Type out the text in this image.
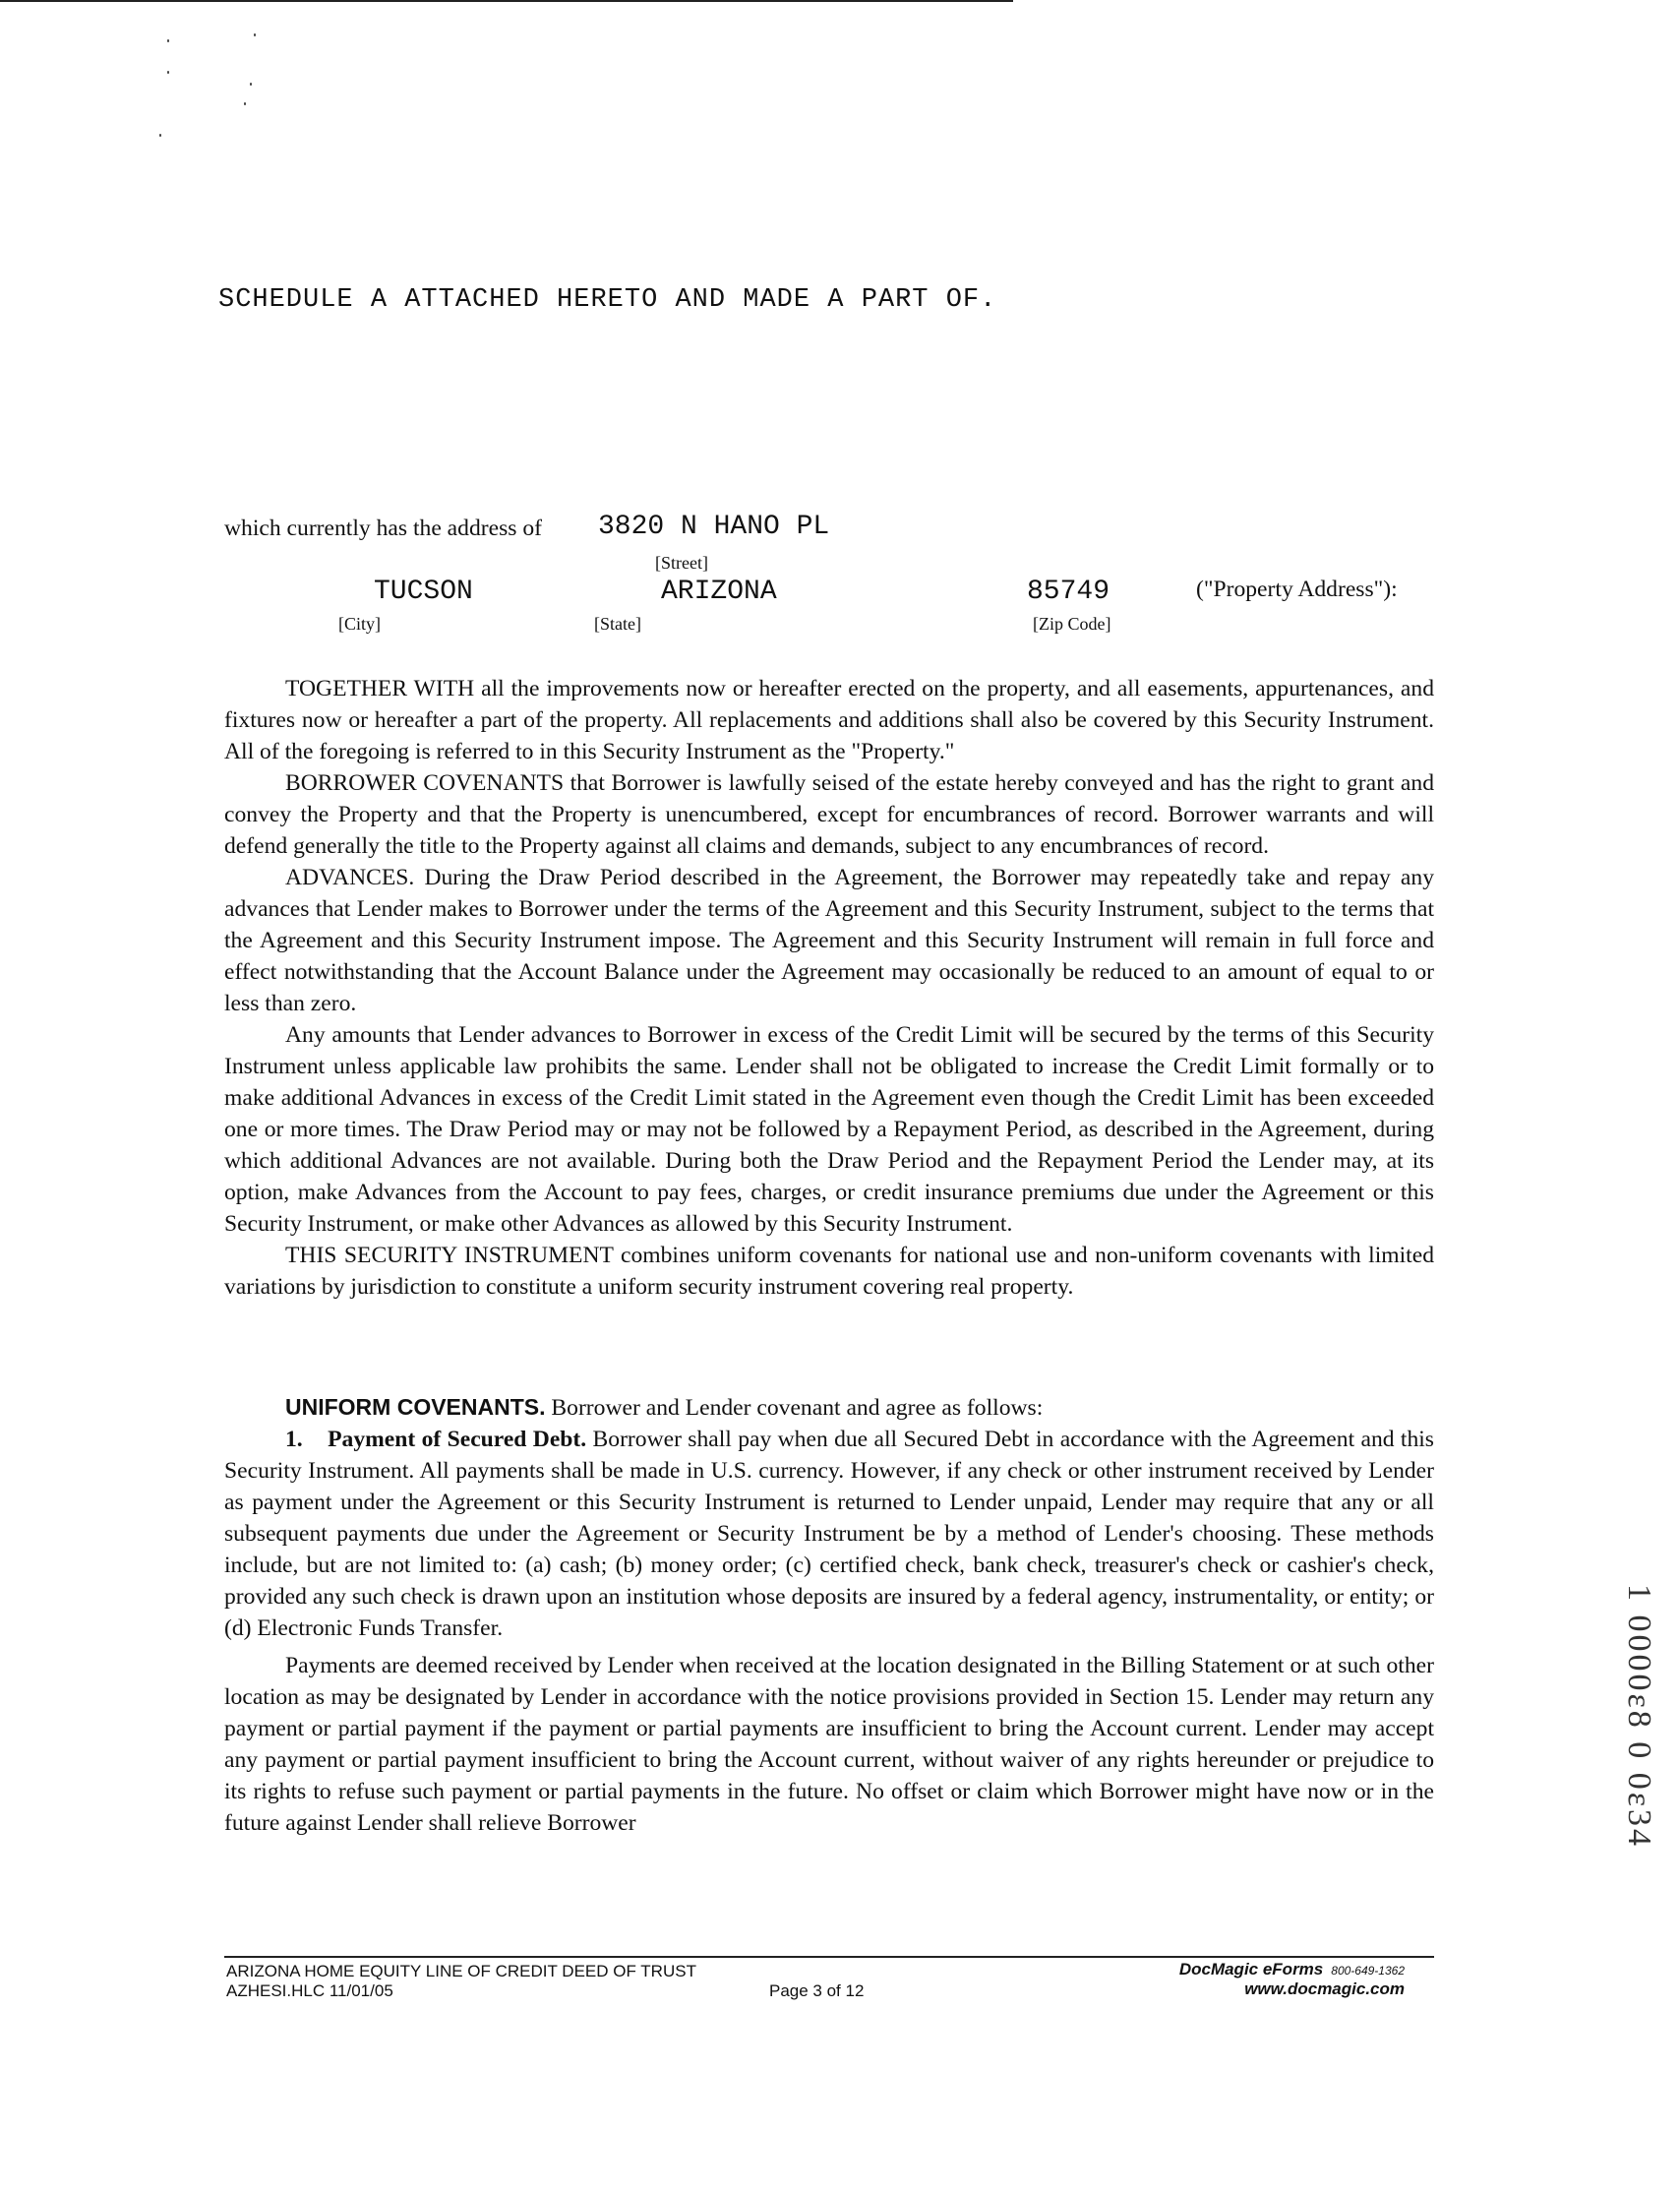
SCHEDULE A ATTACHED HERETO AND MADE A PART OF.
which currently has the address of 3820 N HANO PL
[Street]
TUCSON	ARIZONA	85749	("Property Address"):
[City]	[State]	[Zip Code]

TOGETHER WITH all the improvements now or hereafter erected on the property, and all easements, appurtenances, and fixtures now or hereafter a part of the property. All replacements and additions shall also be covered by this Security Instrument. All of the foregoing is referred to in this Security Instrument as the "Property."

BORROWER COVENANTS that Borrower is lawfully seised of the estate hereby conveyed and has the right to grant and convey the Property and that the Property is unencumbered, except for encumbrances of record. Borrower warrants and will defend generally the title to the Property against all claims and demands, subject to any encumbrances of record.

ADVANCES. During the Draw Period described in the Agreement, the Borrower may repeatedly take and repay any advances that Lender makes to Borrower under the terms of the Agreement and this Security Instrument, subject to the terms that the Agreement and this Security Instrument impose. The Agreement and this Security Instrument will remain in full force and effect notwithstanding that the Account Balance under the Agreement may occasionally be reduced to an amount of equal to or less than zero.

Any amounts that Lender advances to Borrower in excess of the Credit Limit will be secured by the terms of this Security Instrument unless applicable law prohibits the same. Lender shall not be obligated to increase the Credit Limit formally or to make additional Advances in excess of the Credit Limit stated in the Agreement even though the Credit Limit has been exceeded one or more times. The Draw Period may or may not be followed by a Repayment Period, as described in the Agreement, during which additional Advances are not available. During both the Draw Period and the Repayment Period the Lender may, at its option, make Advances from the Account to pay fees, charges, or credit insurance premiums due under the Agreement or this Security Instrument, or make other Advances as allowed by this Security Instrument.

THIS SECURITY INSTRUMENT combines uniform covenants for national use and non-uniform covenants with limited variations by jurisdiction to constitute a uniform security instrument covering real property.

UNIFORM COVENANTS. Borrower and Lender covenant and agree as follows:

1. Payment of Secured Debt. Borrower shall pay when due all Secured Debt in accordance with the Agreement and this Security Instrument. All payments shall be made in U.S. currency. However, if any check or other instrument received by Lender as payment under the Agreement or this Security Instrument is returned to Lender unpaid, Lender may require that any or all subsequent payments due under the Agreement or Security Instrument be by a method of Lender's choosing. These methods include, but are not limited to: (a) cash; (b) money order; (c) certified check, bank check, treasurer's check or cashier's check, provided any such check is drawn upon an institution whose deposits are insured by a federal agency, instrumentality, or entity; or (d) Electronic Funds Transfer.

Payments are deemed received by Lender when received at the location designated in the Billing Statement or at such other location as may be designated by Lender in accordance with the notice provisions provided in Section 15. Lender may return any payment or partial payment if the payment or partial payments are insufficient to bring the Account current. Lender may accept any payment or partial payment insufficient to bring the Account current, without waiver of any rights hereunder or prejudice to its rights to refuse such payment or partial payments in the future. No offset or claim which Borrower might have now or in the future against Lender shall relieve Borrower	1 0000ε8 0 0ε34
ARIZONA HOME EQUITY LINE OF CREDIT DEED OF TRUST
AZHESI.HLC 11/01/05	Page 3 of 12
DocMagic eForms 800-649-1362
www.docmagic.com
